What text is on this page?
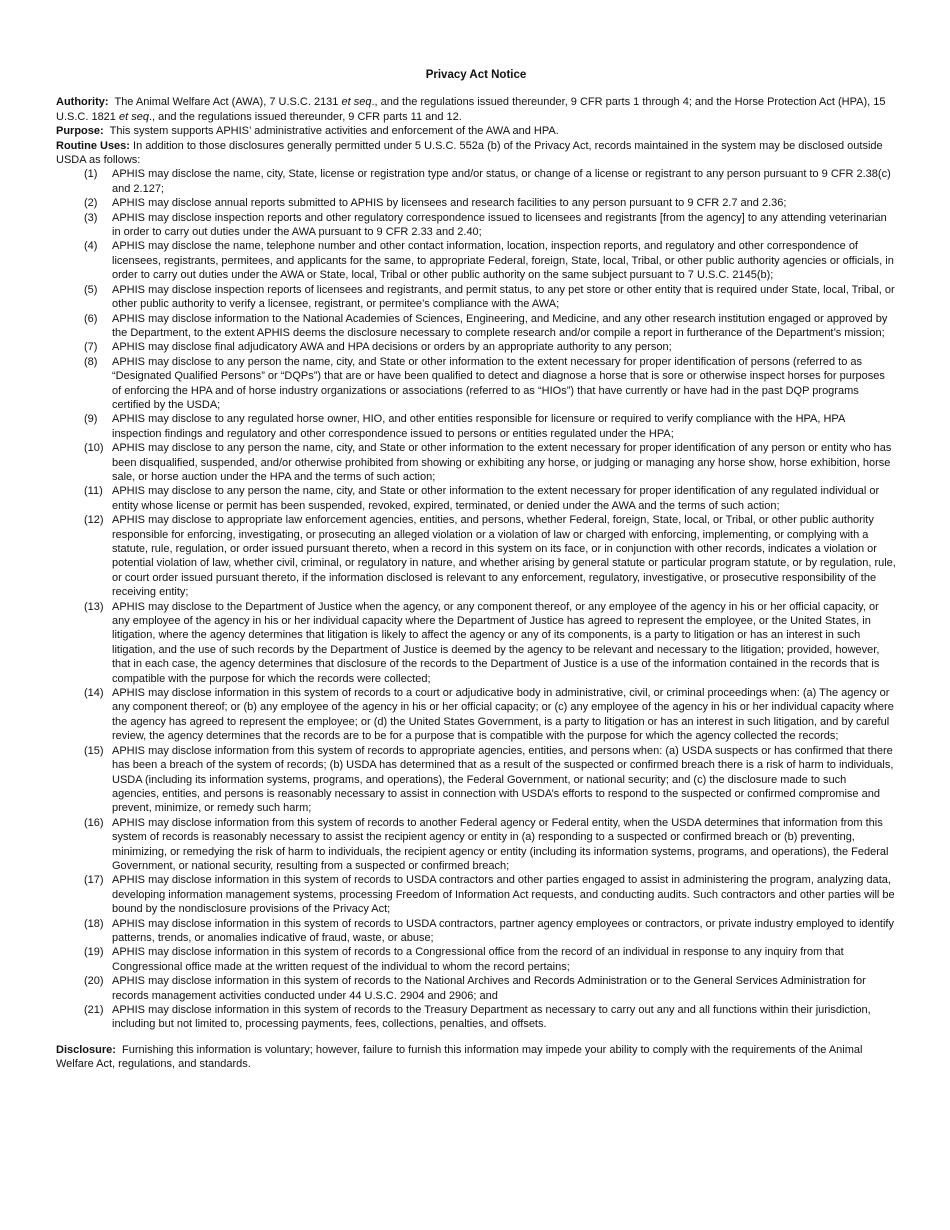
Privacy Act Notice

Authority: The Animal Welfare Act (AWA), 7 U.S.C. 2131 et seq., and the regulations issued thereunder, 9 CFR parts 1 through 4; and the Horse Protection Act (HPA), 15 U.S.C. 1821 et seq., and the regulations issued thereunder, 9 CFR parts 11 and 12.

Purpose: This system supports APHIS’ administrative activities and enforcement of the AWA and HPA.

Routine Uses: In addition to those disclosures generally permitted under 5 U.S.C. 552a (b) of the Privacy Act, records maintained in the system may be disclosed outside USDA as follows:

(1) APHIS may disclose the name, city, State, license or registration type and/or status, or change of a license or registrant to any person pursuant to 9 CFR 2.38(c) and 2.127;
(2) APHIS may disclose annual reports submitted to APHIS by licensees and research facilities to any person pursuant to 9 CFR 2.7 and 2.36;
(3) APHIS may disclose inspection reports and other regulatory correspondence issued to licensees and registrants [from the agency] to any attending veterinarian in order to carry out duties under the AWA pursuant to 9 CFR 2.33 and 2.40;
(4) APHIS may disclose the name, telephone number and other contact information, location, inspection reports, and regulatory and other correspondence of licensees, registrants, permitees, and applicants for the same, to appropriate Federal, foreign, State, local, Tribal, or other public authority agencies or officials, in order to carry out duties under the AWA or State, local, Tribal or other public authority on the same subject pursuant to 7 U.S.C. 2145(b);
(5) APHIS may disclose inspection reports of licensees and registrants, and permit status, to any pet store or other entity that is required under State, local, Tribal, or other public authority to verify a licensee, registrant, or permitee’s compliance with the AWA;
(6) APHIS may disclose information to the National Academies of Sciences, Engineering, and Medicine, and any other research institution engaged or approved by the Department, to the extent APHIS deems the disclosure necessary to complete research and/or compile a report in furtherance of the Department’s mission;
(7) APHIS may disclose final adjudicatory AWA and HPA decisions or orders by an appropriate authority to any person;
(8) APHIS may disclose to any person the name, city, and State or other information to the extent necessary for proper identification of persons (referred to as “Designated Qualified Persons” or “DQPs”) that are or have been qualified to detect and diagnose a horse that is sore or otherwise inspect horses for purposes of enforcing the HPA and of horse industry organizations or associations (referred to as “HIOs”) that have currently or have had in the past DQP programs certified by the USDA;
(9) APHIS may disclose to any regulated horse owner, HIO, and other entities responsible for licensure or required to verify compliance with the HPA, HPA inspection findings and regulatory and other correspondence issued to persons or entities regulated under the HPA;
(10) APHIS may disclose to any person the name, city, and State or other information to the extent necessary for proper identification of any person or entity who has been disqualified, suspended, and/or otherwise prohibited from showing or exhibiting any horse, or judging or managing any horse show, horse exhibition, horse sale, or horse auction under the HPA and the terms of such action;
(11) APHIS may disclose to any person the name, city, and State or other information to the extent necessary for proper identification of any regulated individual or entity whose license or permit has been suspended, revoked, expired, terminated, or denied under the AWA and the terms of such action;
(12) APHIS may disclose to appropriate law enforcement agencies, entities, and persons, whether Federal, foreign, State, local, or Tribal, or other public authority responsible for enforcing, investigating, or prosecuting an alleged violation or a violation of law or charged with enforcing, implementing, or complying with a statute, rule, regulation, or order issued pursuant thereto, when a record in this system on its face, or in conjunction with other records, indicates a violation or potential violation of law, whether civil, criminal, or regulatory in nature, and whether arising by general statute or particular program statute, or by regulation, rule, or court order issued pursuant thereto, if the information disclosed is relevant to any enforcement, regulatory, investigative, or prosecutive responsibility of the receiving entity;
(13) APHIS may disclose to the Department of Justice when the agency, or any component thereof, or any employee of the agency in his or her official capacity, or any employee of the agency in his or her individual capacity where the Department of Justice has agreed to represent the employee, or the United States, in litigation, where the agency determines that litigation is likely to affect the agency or any of its components, is a party to litigation or has an interest in such litigation, and the use of such records by the Department of Justice is deemed by the agency to be relevant and necessary to the litigation; provided, however, that in each case, the agency determines that disclosure of the records to the Department of Justice is a use of the information contained in the records that is compatible with the purpose for which the records were collected;
(14) APHIS may disclose information in this system of records to a court or adjudicative body in administrative, civil, or criminal proceedings when: (a) The agency or any component thereof; or (b) any employee of the agency in his or her official capacity; or (c) any employee of the agency in his or her individual capacity where the agency has agreed to represent the employee; or (d) the United States Government, is a party to litigation or has an interest in such litigation, and by careful review, the agency determines that the records are to be for a purpose that is compatible with the purpose for which the agency collected the records;
(15) APHIS may disclose information from this system of records to appropriate agencies, entities, and persons when: (a) USDA suspects or has confirmed that there has been a breach of the system of records; (b) USDA has determined that as a result of the suspected or confirmed breach there is a risk of harm to individuals, USDA (including its information systems, programs, and operations), the Federal Government, or national security; and (c) the disclosure made to such agencies, entities, and persons is reasonably necessary to assist in connection with USDA’s efforts to respond to the suspected or confirmed compromise and prevent, minimize, or remedy such harm;
(16) APHIS may disclose information from this system of records to another Federal agency or Federal entity, when the USDA determines that information from this system of records is reasonably necessary to assist the recipient agency or entity in (a) responding to a suspected or confirmed breach or (b) preventing, minimizing, or remedying the risk of harm to individuals, the recipient agency or entity (including its information systems, programs, and operations), the Federal Government, or national security, resulting from a suspected or confirmed breach;
(17) APHIS may disclose information in this system of records to USDA contractors and other parties engaged to assist in administering the program, analyzing data, developing information management systems, processing Freedom of Information Act requests, and conducting audits. Such contractors and other parties will be bound by the nondisclosure provisions of the Privacy Act;
(18) APHIS may disclose information in this system of records to USDA contractors, partner agency employees or contractors, or private industry employed to identify patterns, trends, or anomalies indicative of fraud, waste, or abuse;
(19) APHIS may disclose information in this system of records to a Congressional office from the record of an individual in response to any inquiry from that Congressional office made at the written request of the individual to whom the record pertains;
(20) APHIS may disclose information in this system of records to the National Archives and Records Administration or to the General Services Administration for records management activities conducted under 44 U.S.C. 2904 and 2906; and
(21) APHIS may disclose information in this system of records to the Treasury Department as necessary to carry out any and all functions within their jurisdiction, including but not limited to, processing payments, fees, collections, penalties, and offsets.

Disclosure: Furnishing this information is voluntary; however, failure to furnish this information may impede your ability to comply with the requirements of the Animal Welfare Act, regulations, and standards.
